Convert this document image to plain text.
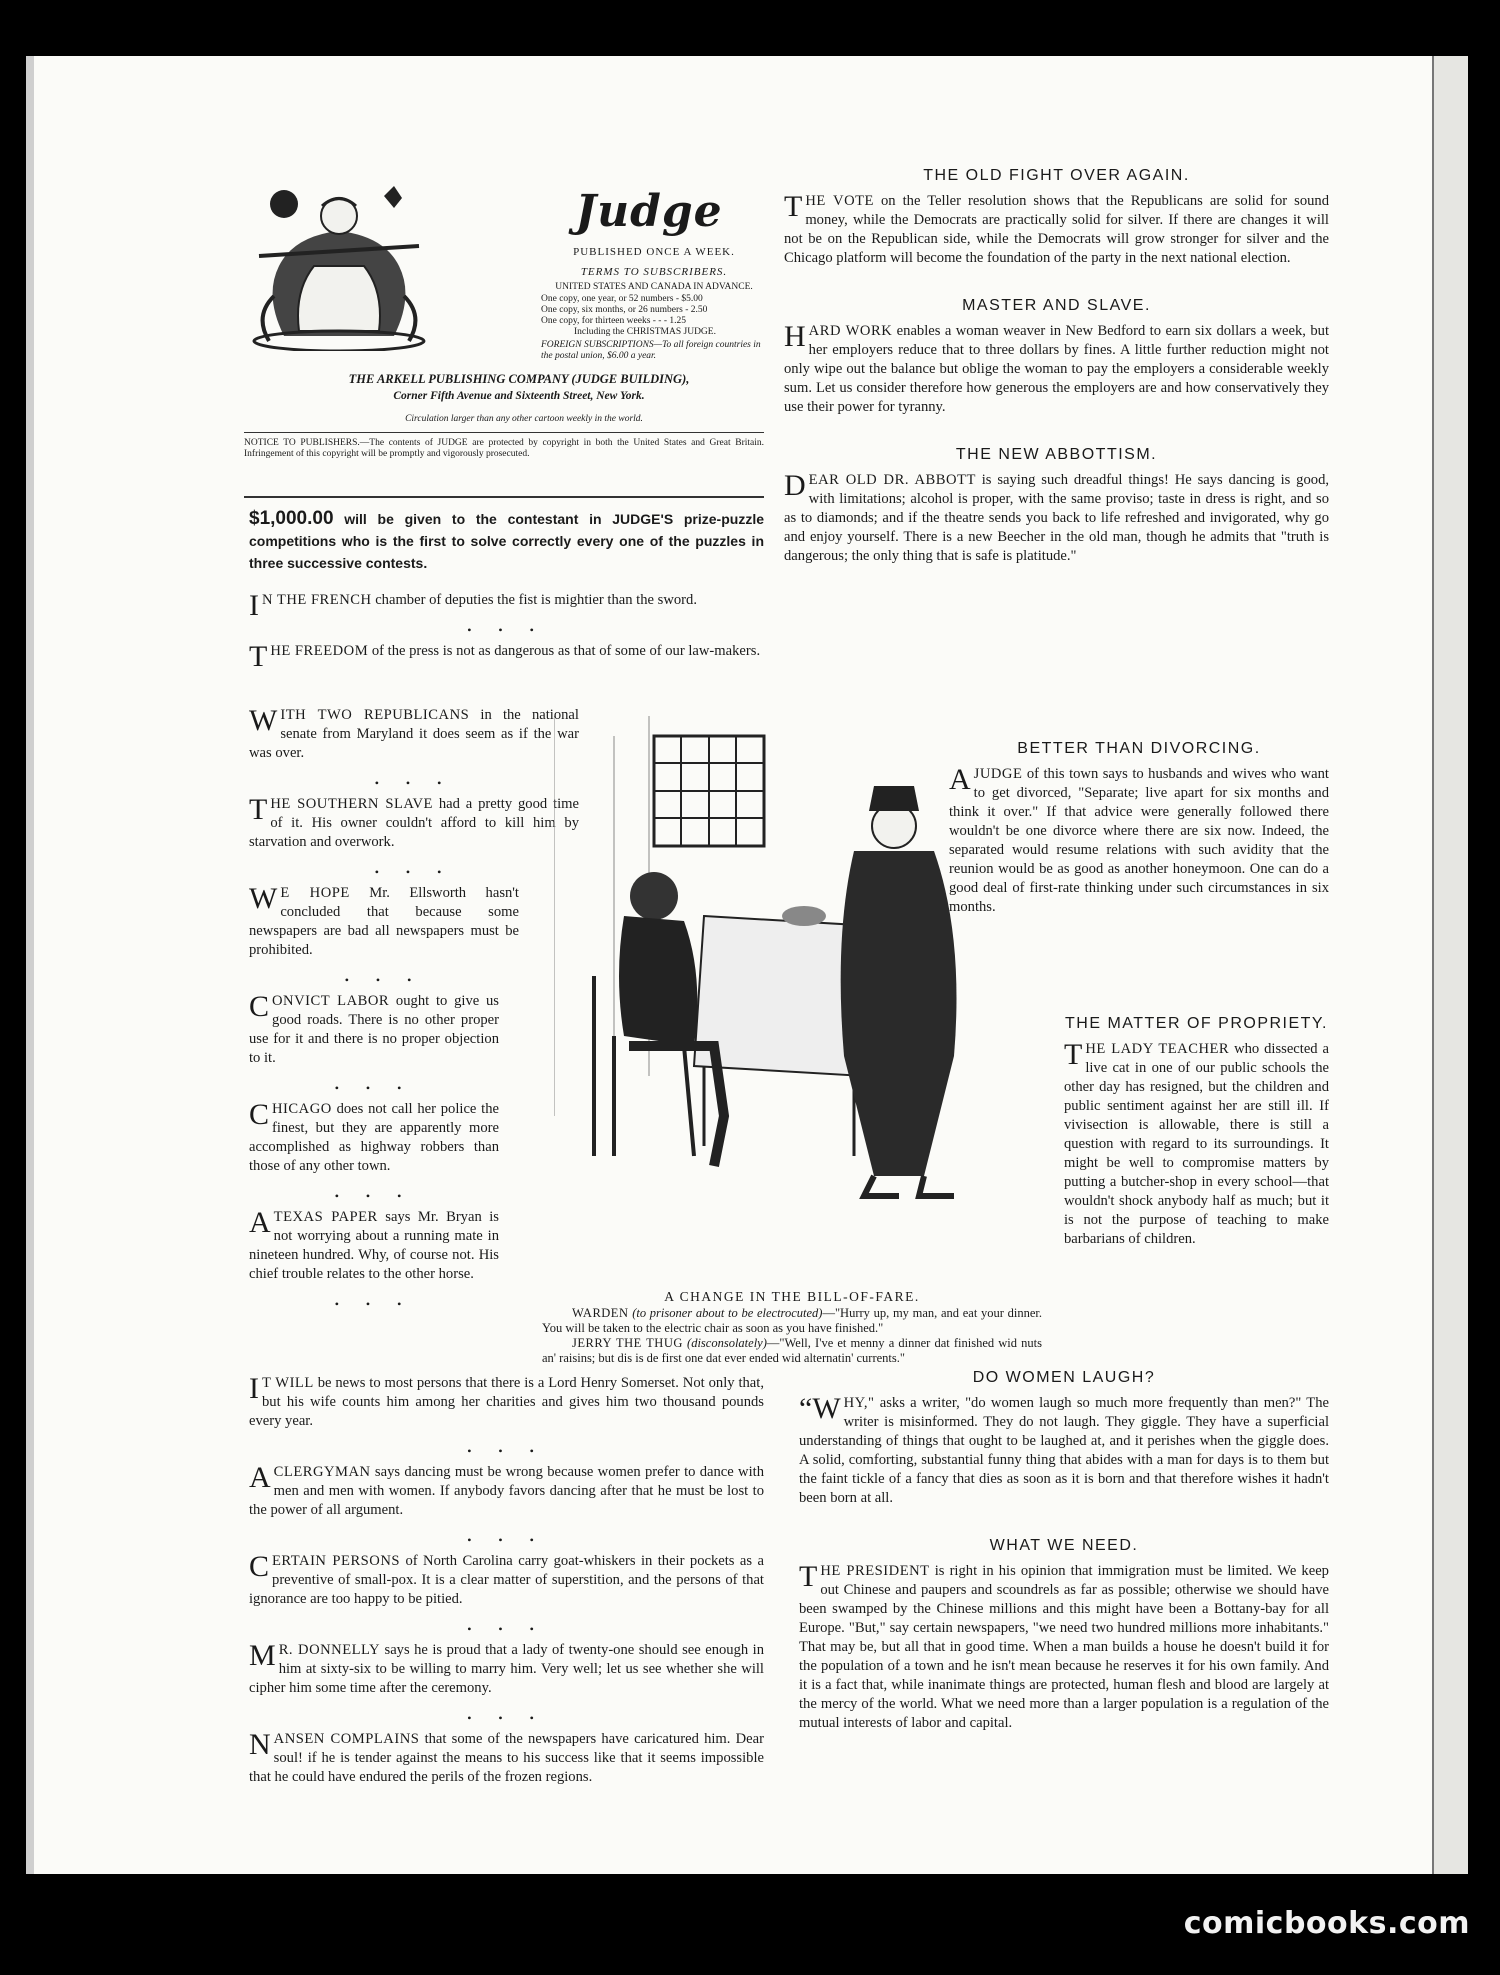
Judge
PUBLISHED ONCE A WEEK.
TERMS TO SUBSCRIBERS.
UNITED STATES AND CANADA IN ADVANCE.
One copy, one year, or 52 numbers - $5.00
One copy, six months, or 26 numbers - 2.50
One copy, for thirteen weeks - - - 1.25
Including the CHRISTMAS JUDGE.
FOREIGN SUBSCRIPTIONS—To all foreign countries in the postal union, $6.00 a year.
THE ARKELL PUBLISHING COMPANY (JUDGE BUILDING),
Corner Fifth Avenue and Sixteenth Street, New York.
Circulation larger than any other cartoon weekly in the world.
NOTICE TO PUBLISHERS.—The contents of JUDGE are protected by copyright in both the United States and Great Britain. Infringement of this copyright will be promptly and vigorously prosecuted.
$1,000.00 will be given to the contestant in JUDGE'S prize-puzzle competitions who is the first to solve correctly every one of the puzzles in three successive contests.
I N THE FRENCH chamber of deputies the fist is mightier than the sword.
• • •
T HE FREEDOM of the press is not as dangerous as that of some of our law-makers.
W ITH TWO REPUBLICANS in the national senate from Maryland it does seem as if the war was over.
• • •
T HE SOUTHERN SLAVE had a pretty good time of it. His owner couldn't afford to kill him by starvation and overwork.
• • •
W E HOPE Mr. Ellsworth hasn't concluded that because some newspapers are bad all newspapers must be prohibited.
• • •
C ONVICT LABOR ought to give us good roads. There is no other proper use for it and there is no proper objection to it.
• • •
C HICAGO does not call her police the finest, but they are apparently more accomplished as highway robbers than those of any other town.
• • •
A TEXAS PAPER says Mr. Bryan is not worrying about a running mate in nineteen hundred. Why, of course not. His chief trouble relates to the other horse.
• • •
I T WILL be news to most persons that there is a Lord Henry Somerset. Not only that, but his wife counts him among her charities and gives him two thousand pounds every year.
• • •
A CLERGYMAN says dancing must be wrong because women prefer to dance with men and men with women. If anybody favors dancing after that he must be lost to the power of all argument.
• • •
C ERTAIN PERSONS of North Carolina carry goat-whiskers in their pockets as a preventive of small-pox. It is a clear matter of superstition, and the persons of that ignorance are too happy to be pitied.
• • •
M R. DONNELLY says he is proud that a lady of twenty-one should see enough in him at sixty-six to be willing to marry him. Very well; let us see whether she will cipher him some time after the ceremony.
• • •
N ANSEN COMPLAINS that some of the newspapers have caricatured him. Dear soul! if he is tender against the means to his success like that it seems impossible that he could have endured the perils of the frozen regions.
A CHANGE IN THE BILL-OF-FARE.
WARDEN (to prisoner about to be electrocuted)—"Hurry up, my man, and eat your dinner. You will be taken to the electric chair as soon as you have finished."
JERRY THE THUG (disconsolately)—"Well, I've et menny a dinner dat finished wid nuts an' raisins; but dis is de first one dat ever ended wid alternatin' currents."
THE OLD FIGHT OVER AGAIN.
T HE VOTE on the Teller resolution shows that the Republicans are solid for sound money, while the Democrats are practically solid for silver. If there are changes it will not be on the Republican side, while the Democrats will grow stronger for silver and the Chicago platform will become the foundation of the party in the next national election.
MASTER AND SLAVE.
H ARD WORK enables a woman weaver in New Bedford to earn six dollars a week, but her employers reduce that to three dollars by fines. A little further reduction might not only wipe out the balance but oblige the woman to pay the employers a considerable weekly sum. Let us consider therefore how generous the employers are and how conservatively they use their power for tyranny.
THE NEW ABBOTTISM.
D EAR OLD DR. ABBOTT is saying such dreadful things! He says dancing is good, with limitations; alcohol is proper, with the same proviso; taste in dress is right, and so as to diamonds; and if the theatre sends you back to life refreshed and invigorated, why go and enjoy yourself. There is a new Beecher in the old man, though he admits that "truth is dangerous; the only thing that is safe is platitude."
BETTER THAN DIVORCING.
A JUDGE of this town says to husbands and wives who want to get divorced, "Separate; live apart for six months and think it over." If that advice were generally followed there wouldn't be one divorce where there are six now. Indeed, the separated would resume relations with such avidity that the reunion would be as good as another honeymoon. One can do a good deal of first-rate thinking under such circumstances in six months.
THE MATTER OF PROPRIETY.
T HE LADY TEACHER who dissected a live cat in one of our public schools the other day has resigned, but the children and public sentiment against her are still ill. If vivisection is allowable, there is still a question with regard to its surroundings. It might be well to compromise matters by putting a butcher-shop in every school—that wouldn't shock anybody half as much; but it is not the purpose of teaching to make barbarians of children.
DO WOMEN LAUGH?
“W HY," asks a writer, "do women laugh so much more frequently than men?" The writer is misinformed. They do not laugh. They giggle. They have a superficial understanding of things that ought to be laughed at, and it perishes when the giggle does. A solid, comforting, substantial funny thing that abides with a man for days is to them but the faint tickle of a fancy that dies as soon as it is born and that therefore wishes it hadn't been born at all.
WHAT WE NEED.
T HE PRESIDENT is right in his opinion that immigration must be limited. We keep out Chinese and paupers and scoundrels as far as possible; otherwise we should have been swamped by the Chinese millions and this might have been a Bottany-bay for all Europe. "But," say certain newspapers, "we need two hundred millions more inhabitants." That may be, but all that in good time. When a man builds a house he doesn't build it for the population of a town and he isn't mean because he reserves it for his own family. And it is a fact that, while inanimate things are protected, human flesh and blood are largely at the mercy of the world. What we need more than a larger population is a regulation of the mutual interests of labor and capital.
comicbooks.com
